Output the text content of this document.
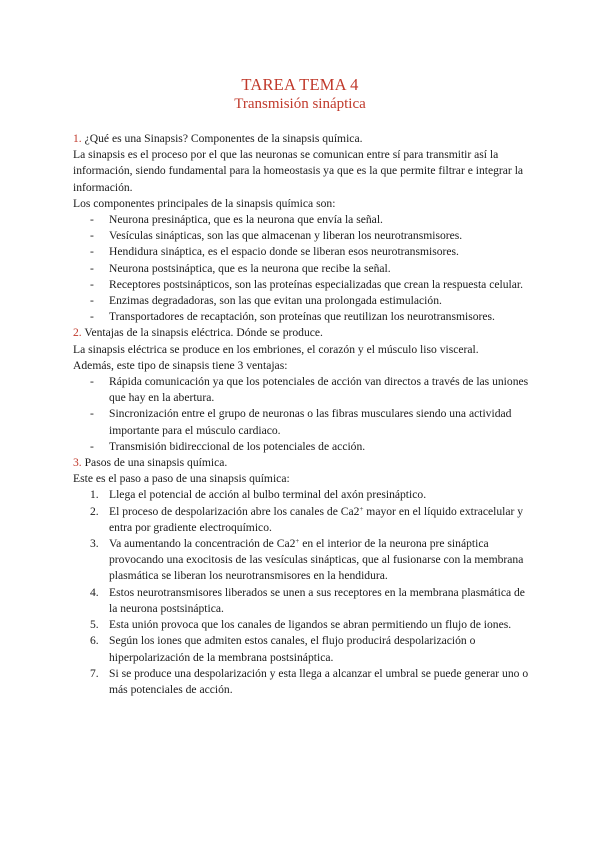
TAREA TEMA 4
Transmisión sináptica

1. ¿Qué es una Sinapsis? Componentes de la sinapsis química.

La sinapsis es el proceso por el que las neuronas se comunican entre sí para transmitir así la información, siendo fundamental para la homeostasis ya que es la que permite filtrar e integrar la información.

Los componentes principales de la sinapsis química son:

- Neurona presináptica, que es la neurona que envía la señal.
- Vesículas sinápticas, son las que almacenan y liberan los neurotransmisores.
- Hendidura sináptica, es el espacio donde se liberan esos neurotransmisores.
- Neurona postsináptica, que es la neurona que recibe la señal.
- Receptores postsinápticos, son las proteínas especializadas que crean la respuesta celular.
- Enzimas degradadoras, son las que evitan una prolongada estimulación.
- Transportadores de recaptación, son proteínas que reutilizan los neurotransmisores.

2. Ventajas de la sinapsis eléctrica. Dónde se produce.

La sinapsis eléctrica se produce en los embriones, el corazón y el músculo liso visceral.

Además, este tipo de sinapsis tiene 3 ventajas:

- Rápida comunicación ya que los potenciales de acción van directos a través de las uniones que hay en la abertura.
- Sincronización entre el grupo de neuronas o las fibras musculares siendo una actividad importante para el músculo cardiaco.
- Transmisión bidireccional de los potenciales de acción.

3. Pasos de una sinapsis química.

Este es el paso a paso de una sinapsis química:

1. Llega el potencial de acción al bulbo terminal del axón presináptico.
2. El proceso de despolarización abre los canales de Ca2+ mayor en el líquido extracelular y entra por gradiente electroquímico.
3. Va aumentando la concentración de Ca2+ en el interior de la neurona pre sináptica provocando una exocitosis de las vesículas sinápticas, que al fusionarse con la membrana plasmática se liberan los neurotransmisores en la hendidura.
4. Estos neurotransmisores liberados se unen a sus receptores en la membrana plasmática de la neurona postsináptica.
5. Esta unión provoca que los canales de ligandos se abran permitiendo un flujo de iones.
6. Según los iones que admiten estos canales, el flujo producirá despolarización o hiperpolarización de la membrana postsináptica.
7. Si se produce una despolarización y esta llega a alcanzar el umbral se puede generar uno o más potenciales de acción.
